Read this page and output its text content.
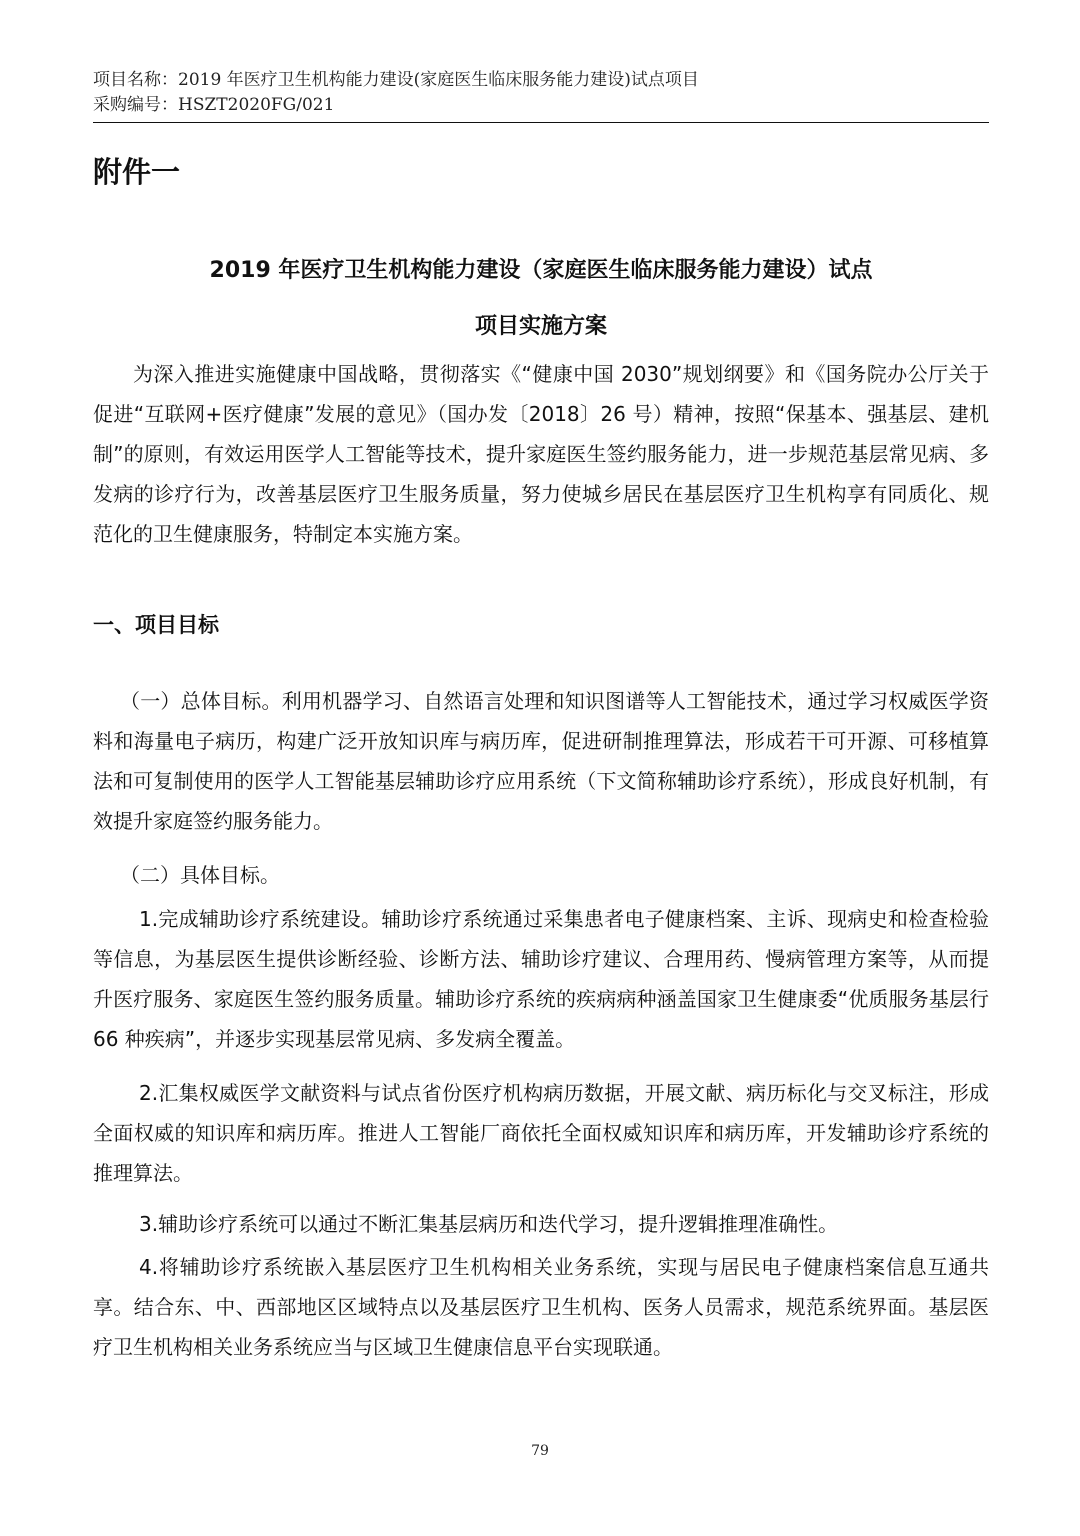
项目名称：2019 年医疗卫生机构能力建设(家庭医生临床服务能力建设)试点项目
采购编号：HSZT2020FG/021
附件一
2019 年医疗卫生机构能力建设（家庭医生临床服务能力建设）试点
项目实施方案

为深入推进实施健康中国战略，贯彻落实《“健康中国 2030”规划纲要》和《国务院办公厅关于促进“互联网+医疗健康”发展的意见》（国办发〔2018〕26 号）精神，按照“保基本、强基层、建机制”的原则，有效运用医学人工智能等技术，提升家庭医生签约服务能力，进一步规范基层常见病、多发病的诊疗行为，改善基层医疗卫生服务质量，努力使城乡居民在基层医疗卫生机构享有同质化、规范化的卫生健康服务，特制定本实施方案。

一、项目目标

（一）总体目标。利用机器学习、自然语言处理和知识图谱等人工智能技术，通过学习权威医学资料和海量电子病历，构建广泛开放知识库与病历库，促进研制推理算法，形成若干可开源、可移植算法和可复制使用的医学人工智能基层辅助诊疗应用系统（下文简称辅助诊疗系统），形成良好机制，有效提升家庭签约服务能力。

（二）具体目标。

1.完成辅助诊疗系统建设。辅助诊疗系统通过采集患者电子健康档案、主诉、现病史和检查检验等信息，为基层医生提供诊断经验、诊断方法、辅助诊疗建议、合理用药、慢病管理方案等，从而提升医疗服务、家庭医生签约服务质量。辅助诊疗系统的疾病病种涵盖国家卫生健康委“优质服务基层行 66 种疾病”，并逐步实现基层常见病、多发病全覆盖。

2.汇集权威医学文献资料与试点省份医疗机构病历数据，开展文献、病历标化与交叉标注，形成全面权威的知识库和病历库。推进人工智能厂商依托全面权威知识库和病历库，开发辅助诊疗系统的推理算法。

3.辅助诊疗系统可以通过不断汇集基层病历和迭代学习，提升逻辑推理准确性。

4.将辅助诊疗系统嵌入基层医疗卫生机构相关业务系统，实现与居民电子健康档案信息互通共享。结合东、中、西部地区区域特点以及基层医疗卫生机构、医务人员需求，规范系统界面。基层医疗卫生机构相关业务系统应当与区域卫生健康信息平台实现联通。

79
